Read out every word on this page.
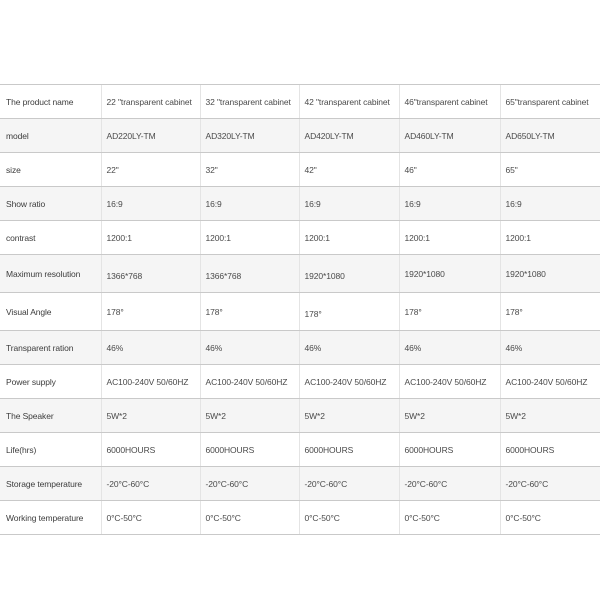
The product name	22 "transparent cabinet	32 "transparent cabinet	42 "transparent cabinet	46"transparent cabinet	65"transparent cabinet
model	AD220LY-TM	AD320LY-TM	AD420LY-TM	AD460LY-TM	AD650LY-TM
size	22"	32"	42"	46"	65"
Show ratio	16:9	16:9	16:9	16:9	16:9
contrast	1200:1	1200:1	1200:1	1200:1	1200:1
Maximum resolution	1366*768	1366*768	1920*1080	1920*1080	1920*1080
Visual Angle	178°	178°	178°	178°	178°
Transparent ration	46%	46%	46%	46%	46%
Power supply	AC100-240V 50/60HZ	AC100-240V 50/60HZ	AC100-240V 50/60HZ	AC100-240V 50/60HZ	AC100-240V 50/60HZ
The Speaker	5W*2	5W*2	5W*2	5W*2	5W*2
Life(hrs)	6000HOURS	6000HOURS	6000HOURS	6000HOURS	6000HOURS
Storage temperature	-20°C-60°C	-20°C-60°C	-20°C-60°C	-20°C-60°C	-20°C-60°C
Working temperature	0°C-50°C	0°C-50°C	0°C-50°C	0°C-50°C	0°C-50°C
